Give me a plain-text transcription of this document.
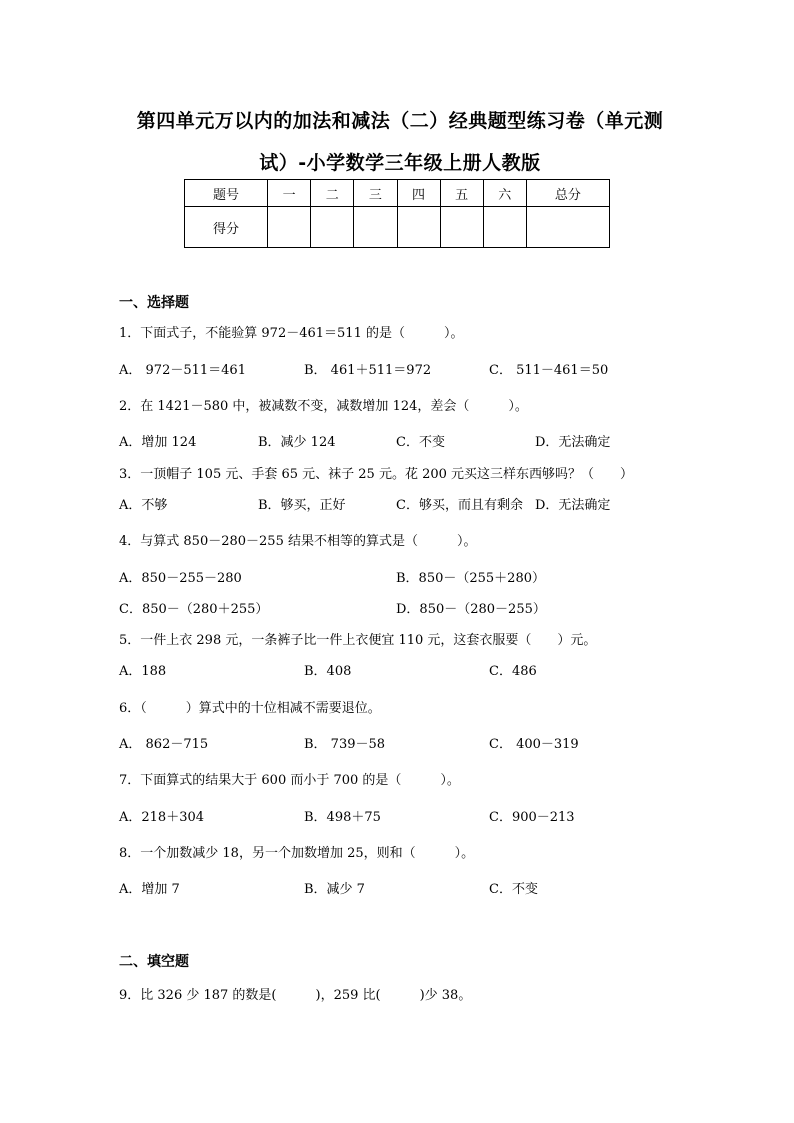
第四单元万以内的加法和减法（二）经典题型练习卷（单元测
试）-小学数学三年级上册人教版
题号	一	二	三	四	五	六	总分
得分							
一、选择题
1．下面式子，不能验算 972－461＝511 的是（　　　）。
A． 972－511＝461	B． 461＋511＝972	C． 511－461＝50
2．在 1421－580 中，被减数不变，减数增加 124，差会（　　　）。
A．增加 124	B．减少 124	C．不变	D．无法确定
3．一顶帽子 105 元、手套 65 元、袜子 25 元。花 200 元买这三样东西够吗？（　　）
A．不够	B．够买，正好	C．够买，而且有剩余 D．无法确定
4．与算式 850－280－255 结果不相等的算式是（　　　）。
A．850－255－280	B．850－（255＋280）
C．850－（280＋255）	D．850－（280－255）
5．一件上衣 298 元，一条裤子比一件上衣便宜 110 元，这套衣服要（　　）元。
A．188	B．408	C．486
6．（　　　）算式中的十位相减不需要退位。
A． 862－715	B． 739－58	C． 400－319
7．下面算式的结果大于 600 而小于 700 的是（　　　）。
A．218＋304	B．498＋75	C．900－213
8．一个加数减少 18，另一个加数增加 25，则和（　　　）。
A．增加 7	B．减少 7	C．不变
二、填空题
9．比 326 少 187 的数是(　　　)，259 比(　　　)少 38。
